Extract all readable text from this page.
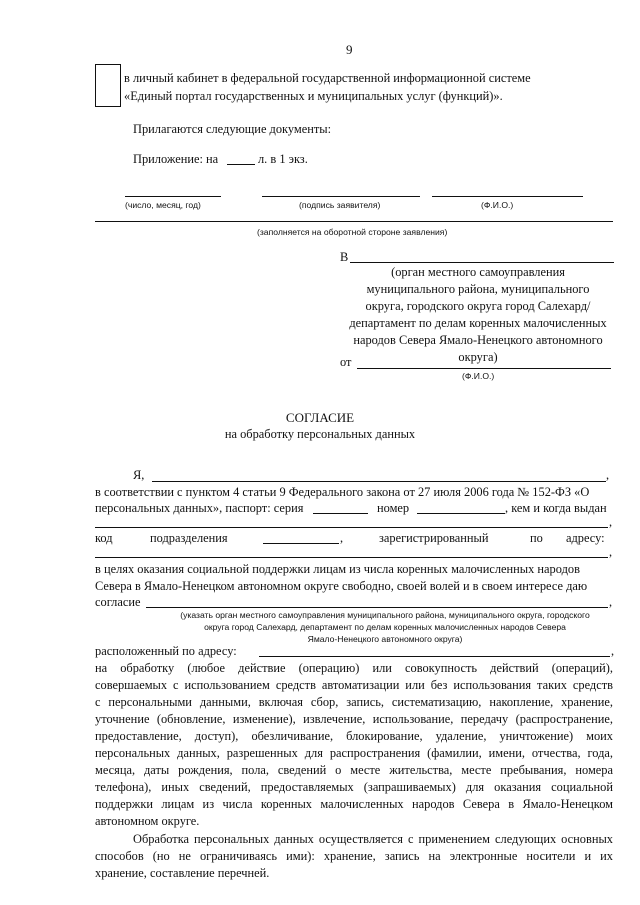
9
в личный кабинет в федеральной государственной информационной системе
«Единый портал государственных и муниципальных услуг (функций)».
Прилагаются следующие документы:
Приложение: на	л. в 1 экз.
(число, месяц, год)	(подпись заявителя)	(Ф.И.О.)
(заполняется на оборотной стороне заявления)
В
(орган местного самоуправления
муниципального района, муниципального
округа, городского округа город Салехард/
департамент по делам коренных малочисленных
народов Севера Ямало-Ненецкого автономного
округа)
от
(Ф.И.О.)
СОГЛАСИЕ
на обработку персональных данных
Я,	,
в соответствии с пунктом 4 статьи 9 Федерального закона от 27 июля 2006 года № 152-ФЗ «О
персональных данных», паспорт: серия	номер	, кем и когда выдан
,
код	подразделения	,	зарегистрированный	по адресу:
,
в целях оказания социальной поддержки лицам из числа коренных малочисленных народов
Севера в Ямало-Ненецком автономном округе свободно, своей волей и в своем интересе даю
согласие	,
(указать орган местного самоуправления муниципального района, муниципального округа, городского
округа город Салехард, департамент по делам коренных малочисленных народов Севера
Ямало-Ненецкого автономного округа)
расположенный по адресу:	,
на обработку (любое действие (операцию) или совокупность действий (операций),
совершаемых с использованием средств автоматизации или без использования таких средств
с персональными данными, включая сбор, запись, систематизацию, накопление, хранение,
уточнение (обновление, изменение), извлечение, использование, передачу (распространение,
предоставление, доступ), обезличивание, блокирование, удаление, уничтожение) моих
персональных данных, разрешенных для распространения (фамилии, имени, отчества, года,
месяца, даты рождения, пола, сведений о месте жительства, месте пребывания, номера
телефона), иных сведений, предоставляемых (запрашиваемых) для оказания социальной
поддержки лицам из числа коренных малочисленных народов Севера в Ямало-Ненецком
автономном округе.
Обработка персональных данных осуществляется с применением следующих основных
способов (но не ограничиваясь ими): хранение, запись на электронные носители и их
хранение, составление перечней.
